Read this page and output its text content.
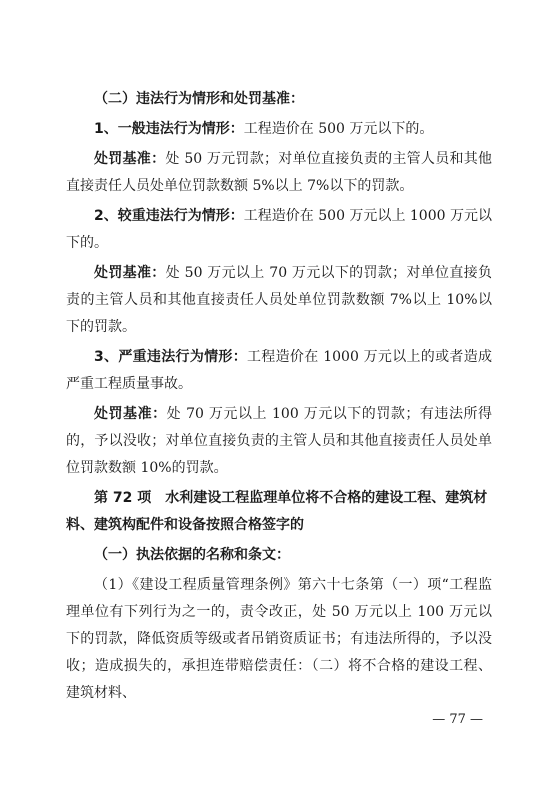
（二）违法行为情形和处罚基准：

1、一般违法行为情形：工程造价在 500 万元以下的。

处罚基准：处 50 万元罚款；对单位直接负责的主管人员和其他直接责任人员处单位罚款数额 5%以上 7%以下的罚款。

2、较重违法行为情形：工程造价在 500 万元以上 1000 万元以下的。

处罚基准：处 50 万元以上 70 万元以下的罚款；对单位直接负责的主管人员和其他直接责任人员处单位罚款数额 7%以上 10%以下的罚款。

3、严重违法行为情形：工程造价在 1000 万元以上的或者造成严重工程质量事故。

处罚基准：处 70 万元以上 100 万元以下的罚款；有违法所得的，予以没收；对单位直接负责的主管人员和其他直接责任人员处单位罚款数额 10%的罚款。

第 72 项　水利建设工程监理单位将不合格的建设工程、建筑材料、建筑构配件和设备按照合格签字的

（一）执法依据的名称和条文：

（1）《建设工程质量管理条例》第六十七条第（一）项“工程监理单位有下列行为之一的，责令改正，处 50 万元以上 100 万元以下的罚款，降低资质等级或者吊销资质证书；有违法所得的，予以没收；造成损失的，承担连带赔偿责任：（二）将不合格的建设工程、建筑材料、

— 77 —
